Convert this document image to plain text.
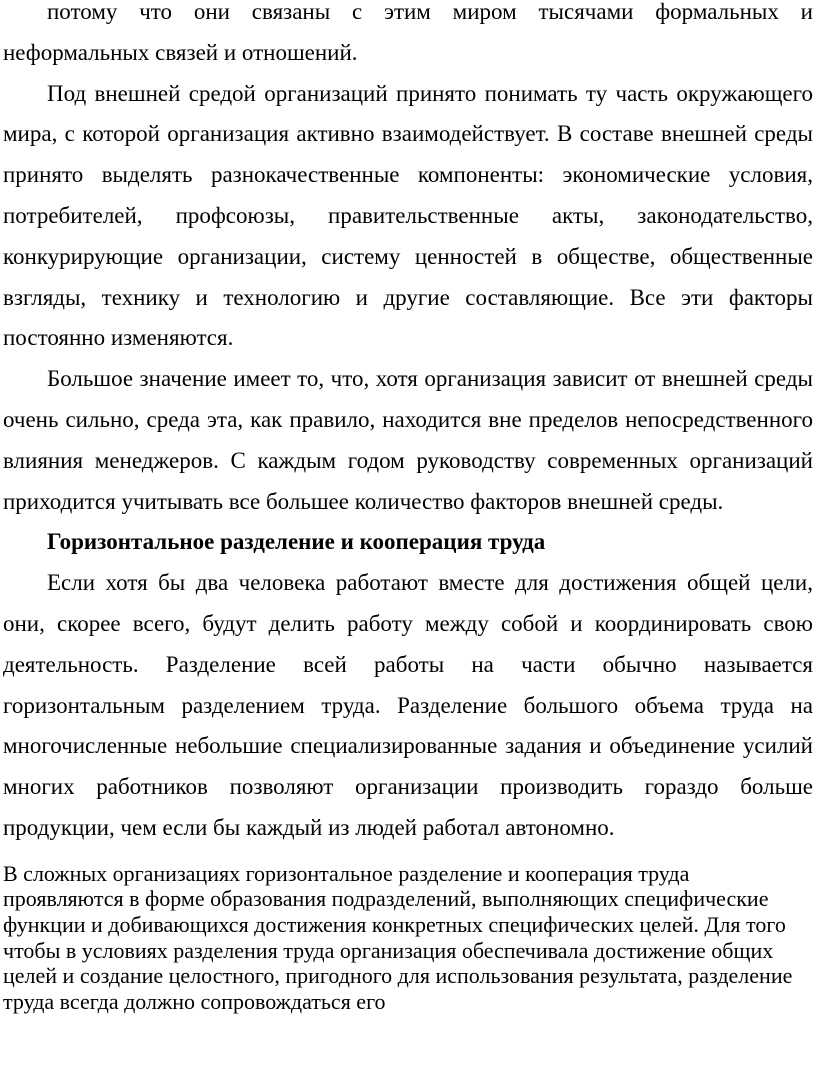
потому что они связаны с этим миром тысячами формальных и неформальных связей и отношений.

Под внешней средой организаций принято понимать ту часть окружающего мира, с которой организация активно взаимодействует. В составе внешней среды принято выделять разнокачественные компоненты: экономические условия, потребителей, профсоюзы, правительственные акты, законодательство, конкурирующие организации, систему ценностей в обществе, общественные взгляды, технику и технологию и другие составляющие. Все эти факторы постоянно изменяются.

Большое значение имеет то, что, хотя организация зависит от внешней среды очень сильно, среда эта, как правило, находится вне пределов непосредственного влияния менеджеров. С каждым годом руководству современных организаций приходится учитывать все большее количество факторов внешней среды.

Горизонтальное разделение и кооперация труда

Если хотя бы два человека работают вместе для достижения общей цели, они, скорее всего, будут делить работу между собой и координировать свою деятельность. Разделение всей работы на части обычно называется горизонтальным разделением труда. Разделение большого объема труда на многочисленные небольшие специализированные задания и объединение усилий многих работников позволяют организации производить гораздо больше продукции, чем если бы каждый из людей работал автономно.

В сложных организациях горизонтальное разделение и кооперация труда проявляются в форме образования подразделений, выполняющих специфические функции и добивающихся достижения конкретных специфических целей. Для того чтобы в условиях разделения труда организация обеспечивала достижение общих целей и создание целостного, пригодного для использования результата, разделение труда всегда должно сопровождаться его
